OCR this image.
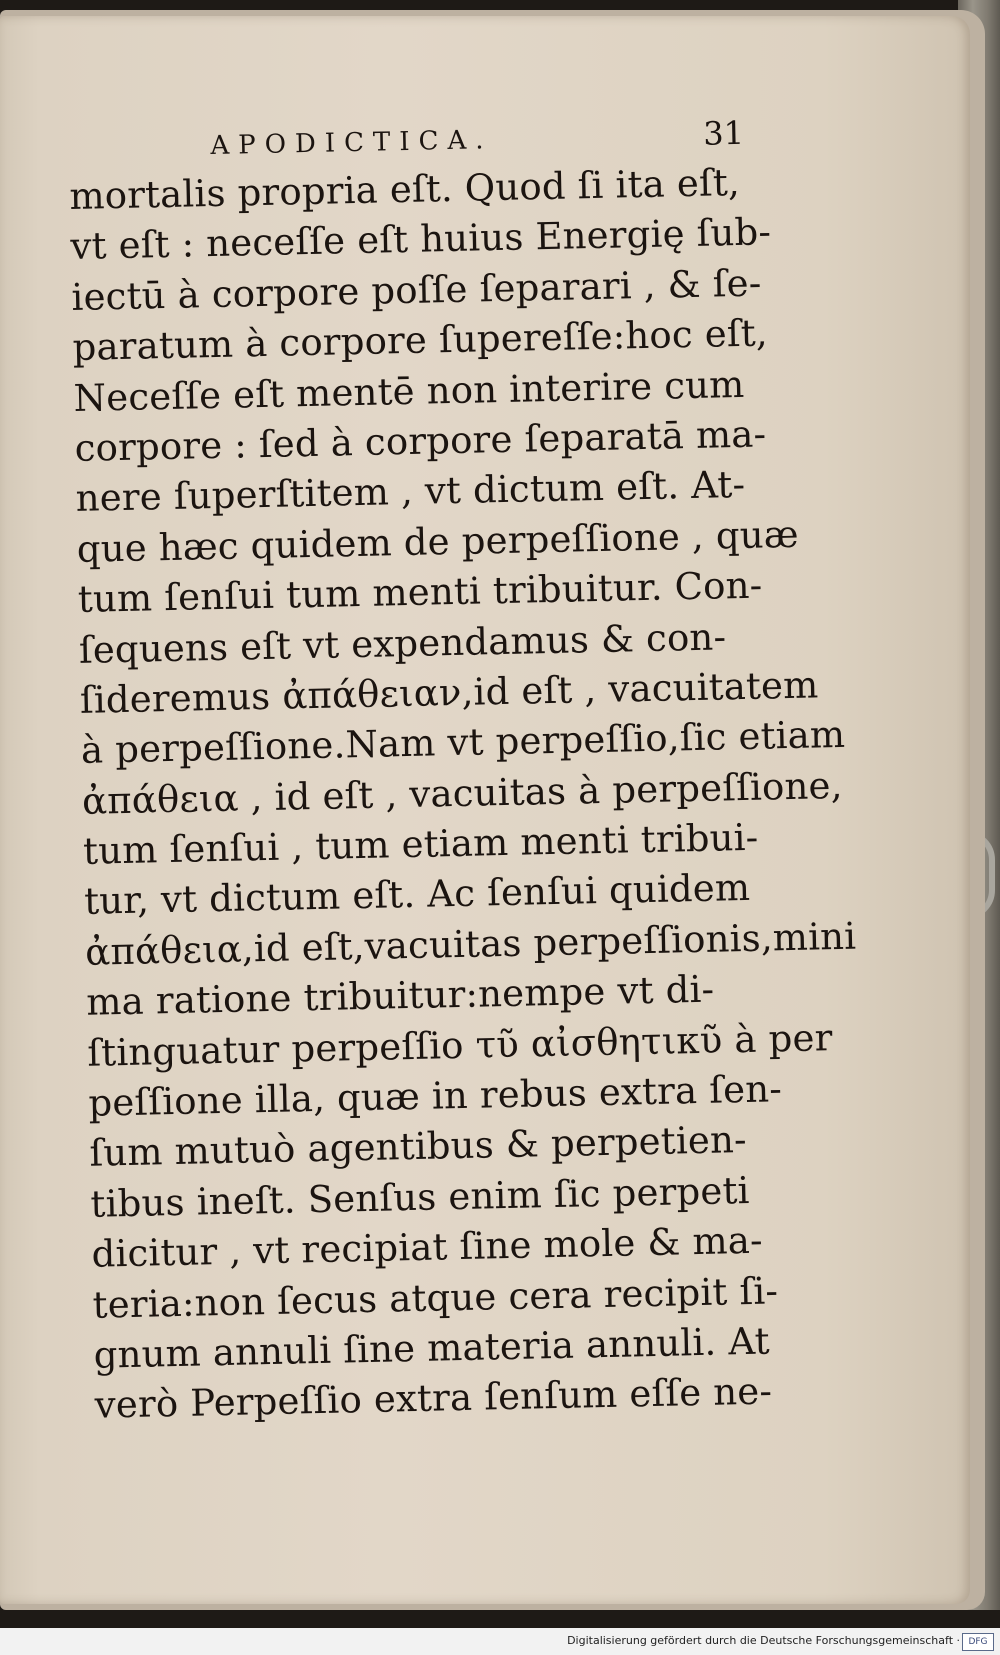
APODICTICA.	31
mortalis propria eſt. Quod ſi ita eſt,
vt eſt : neceſſe eſt huius Energię ſub-
iectū à corpore poſſe ſeparari , & ſe-
paratum à corpore ſupereſſe:hoc eſt,
Neceſſe eſt mentē non interire cum
corpore : ſed à corpore ſeparatā ma-
nere ſuperſtitem , vt dictum eſt. At-
que hæc quidem de perpeſſione , quæ
tum ſenſui tum menti tribuitur. Con-
ſequens eſt vt expendamus & con-
ſideremus ἀπάθειαν,id eſt , vacuitatem
à perpeſſione.Nam vt perpeſſio,ſic etiam
ἀπάθεια , id eſt , vacuitas à perpeſſione,
tum ſenſui , tum etiam menti tribui-
tur, vt dictum eſt. Ac ſenſui quidem
ἀπάθεια,id eſt,vacuitas perpeſſionis,mini
ma ratione tribuitur:nempe vt di-
ſtinguatur perpeſſio τῦ αἰσθητικῦ à per
peſſione illa, quæ in rebus extra ſen-
ſum mutuò agentibus & perpetien-
tibus ineſt. Senſus enim ſic perpeti
dicitur , vt recipiat ſine mole & ma-
teria:non ſecus atque cera recipit ſi-
gnum annuli ſine materia annuli. At
verò Perpeſſio extra ſenſum eſſe ne-
Digitalisierung gefördert durch die Deutsche Forschungsgemeinschaft · DFG
